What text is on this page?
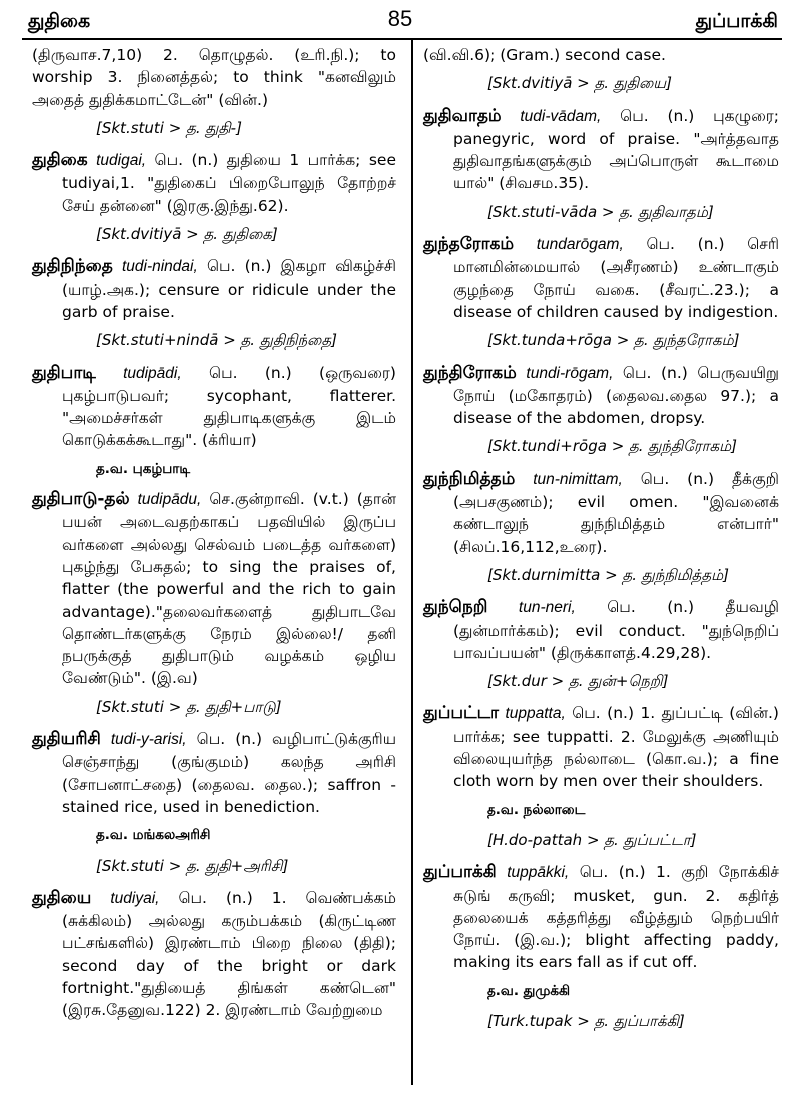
துதிகை	85	துப்பாக்கி
(திருவாச.7,10) 2. தொழுதல். (உரி.நி.); to worship 3. நினைத்தல்; to think "கனவிலும் அதைத் துதிக்கமாட்டேன்" (வின்.)
[Skt.stuti > த. துதி-]
துதிகை tudigai, பெ. (n.) துதியை 1 பார்க்க; see tudiyai,1. "துதிகைப் பிறைபோலுந் தோற்றச் சேய் தன்னை" (இரகு.இந்து.62).
[Skt.dvitiyā > த. துதிகை]
துதிநிந்தை tudi-nindai, பெ. (n.) இகழா விகழ்ச்சி (யாழ்.அக.); censure or ridicule under the garb of praise.
[Skt.stuti+nindā > த. துதிநிந்தை]
துதிபாடி tudipādi, பெ. (n.) (ஒருவரை) புகழ்பாடுபவர்; sycophant, flatterer. "அமைச்சர்கள் துதிபாடிகளுக்கு இடம் கொடுக்கக்கூடாது". (க்ரியா)
த.வ. புகழ்பாடி
துதிபாடு-தல் tudipādu, செ.குன்றாவி. (v.t.) (தான் பயன் அடைவதற்காகப் பதவியில் இருப்ப வர்களை அல்லது செல்வம் படைத்த வர்களை) புகழ்ந்து பேசுதல்; to sing the praises of, flatter (the powerful and the rich to gain advantage)."தலைவர்களைத் துதிபாடவே தொண்டர்களுக்கு நேரம் இல்லை!/ தனி நபருக்குத் துதிபாடும் வழக்கம் ஒழிய வேண்டும்". (இ.வ)
[Skt.stuti > த. துதி+பாடு]
துதியரிசி tudi-y-arisi, பெ. (n.) வழிபாட்டுக்குரிய செஞ்சாந்து (குங்குமம்) கலந்த அரிசி (சோபனாட்சதை) (தைலவ. தைல.); saffron - stained rice, used in benediction.
த.வ. மங்கலஅரிசி
[Skt.stuti > த. துதி+அரிசி]
துதியை tudiyai, பெ. (n.) 1. வெண்பக்கம் (சுக்கிலம்) அல்லது கரும்பக்கம் (கிருட்டிண பட்சங்களில்) இரண்டாம் பிறை நிலை (திதி); second day of the bright or dark fortnight."துதியைத் திங்கள் கண்டென" (இரசு.தேனுவ.122) 2. இரண்டாம் வேற்றுமை
(வி.வி.6); (Gram.) second case.
[Skt.dvitiyā > த. துதியை]
துதிவாதம் tudi-vādam, பெ. (n.) புகழுரை; panegyric, word of praise. "அர்த்தவாத துதிவாதங்களுக்கும் அப்பொருள் கூடாமை யால்" (சிவசம.35).
[Skt.stuti-vāda > த. துதிவாதம்]
துந்தரோகம் tundarōgam, பெ. (n.) செரி மானமின்மையால் (அசீரணம்) உண்டாகும் குழந்தை நோய் வகை. (சீவரட்.23.); a disease of children caused by indigestion.
[Skt.tunda+rōga > த. துந்தரோகம்]
துந்திரோகம் tundi-rōgam, பெ. (n.) பெருவயிறு நோய் (மகோதரம்) (தைலவ.தைல 97.); a disease of the abdomen, dropsy.
[Skt.tundi+rōga > த. துந்திரோகம்]
துந்நிமித்தம் tun-nimittam, பெ. (n.) தீக்குறி (அபசகுணம்); evil omen. "இவனைக் கண்டாலுந் துந்நிமித்தம் என்பார்" (சிலப்.16,112,உரை).
[Skt.durnimitta > த. துந்நிமித்தம்]
துந்நெறி tun-neri, பெ. (n.) தீயவழி (துன்மார்க்கம்); evil conduct. "துந்நெறிப் பாவப்பயன்" (திருக்காளத்.4.29,28).
[Skt.dur > த. துன்+நெறி]
துப்பட்டா tuppatta, பெ. (n.) 1. துப்பட்டி (வின்.) பார்க்க; see tuppatti. 2. மேலுக்கு அணியும் விலையுயர்ந்த நல்லாடை (கொ.வ.); a fine cloth worn by men over their shoulders.
த.வ. நல்லாடை
[H.do-pattah > த. துப்பட்டா]
துப்பாக்கி tuppākki, பெ. (n.) 1. குறி நோக்கிச் சுடுங் கருவி; musket, gun. 2. கதிர்த் தலையைக் கத்தரித்து வீழ்த்தும் நெற்பயிர் நோய். (இ.வ.); blight affecting paddy, making its ears fall as if cut off.
த.வ. துமுக்கி
[Turk.tupak > த. துப்பாக்கி]
